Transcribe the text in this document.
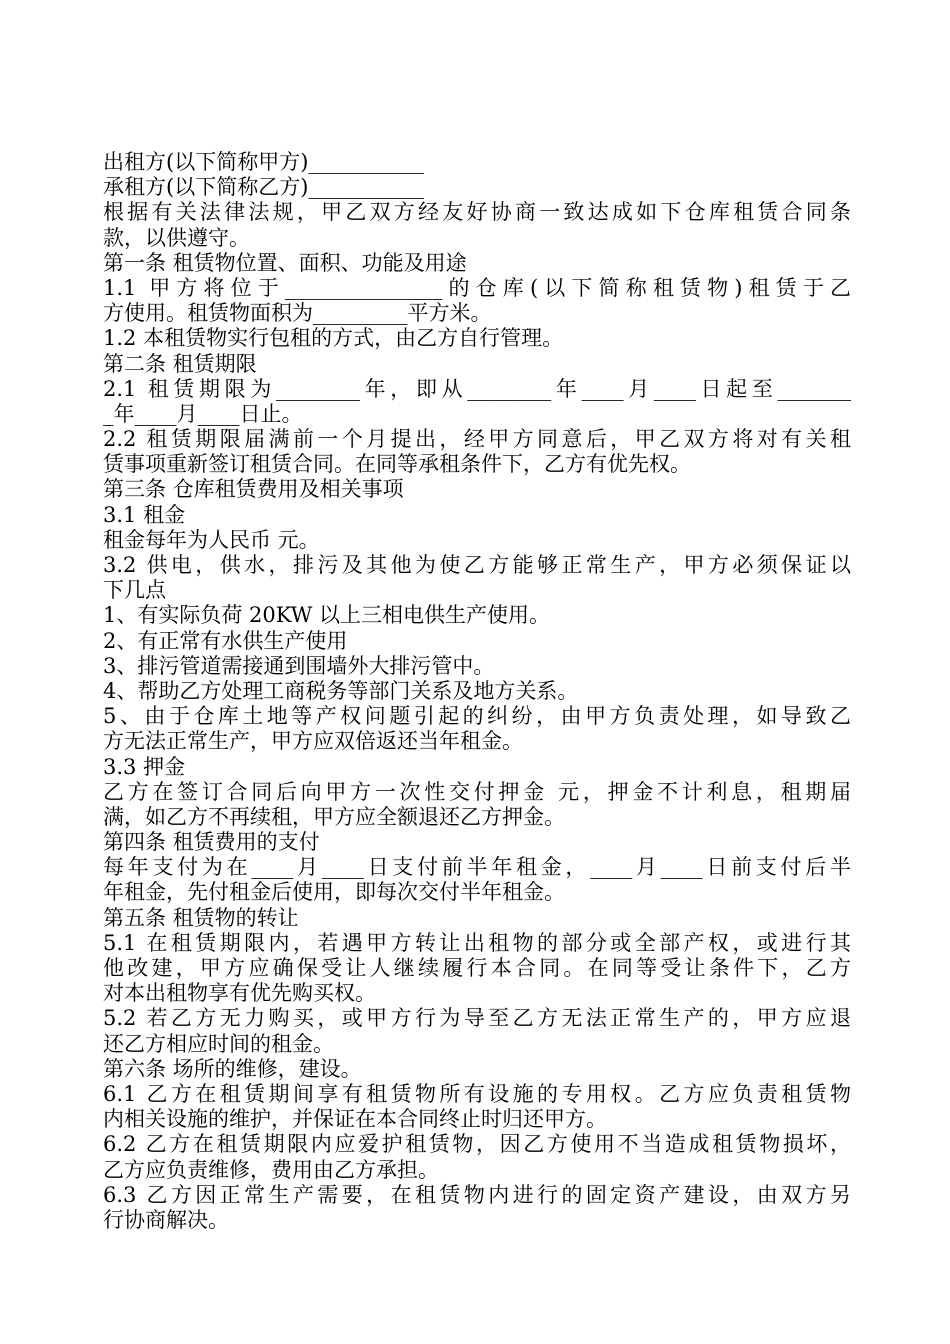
出租方(以下简称甲方)___________
承租方(以下简称乙方)___________
根据有关法律法规，甲乙双方经友好协商一致达成如下仓库租赁合同条
款，以供遵守。
第一条 租赁物位置、面积、功能及用途
1.1 甲方将位于_______________的仓库(以下简称租赁物)租赁于乙
方使用。租赁物面积为_________平方米。
1.2 本租赁物实行包租的方式，由乙方自行管理。
第二条 租赁期限
2.1 租赁期限为________年，即从________年____月____日起至_______
_年____月____日止。
2.2 租赁期限届满前一个月提出，经甲方同意后，甲乙双方将对有关租
赁事项重新签订租赁合同。在同等承租条件下，乙方有优先权。
第三条 仓库租赁费用及相关事项
3.1 租金
租金每年为人民币 元。
3.2 供电，供水，排污及其他为使乙方能够正常生产，甲方必须保证以
下几点
1、有实际负荷 20KW 以上三相电供生产使用。
2、有正常有水供生产使用
3、排污管道需接通到围墙外大排污管中。
4、帮助乙方处理工商税务等部门关系及地方关系。
5、由于仓库土地等产权问题引起的纠纷，由甲方负责处理，如导致乙
方无法正常生产，甲方应双倍返还当年租金。
3.3 押金
乙方在签订合同后向甲方一次性交付押金 元，押金不计利息，租期届
满，如乙方不再续租，甲方应全额退还乙方押金。
第四条 租赁费用的支付
每年支付为在____月____日支付前半年租金，____月____日前支付后半
年租金，先付租金后使用，即每次交付半年租金。
第五条 租赁物的转让
5.1 在租赁期限内，若遇甲方转让出租物的部分或全部产权，或进行其
他改建，甲方应确保受让人继续履行本合同。在同等受让条件下，乙方
对本出租物享有优先购买权。
5.2 若乙方无力购买，或甲方行为导至乙方无法正常生产的，甲方应退
还乙方相应时间的租金。
第六条 场所的维修，建设。
6.1 乙方在租赁期间享有租赁物所有设施的专用权。乙方应负责租赁物
内相关设施的维护，并保证在本合同终止时归还甲方。
6.2 乙方在租赁期限内应爱护租赁物，因乙方使用不当造成租赁物损坏，
乙方应负责维修，费用由乙方承担。
6.3 乙方因正常生产需要，在租赁物内进行的固定资产建设，由双方另
行协商解决。
